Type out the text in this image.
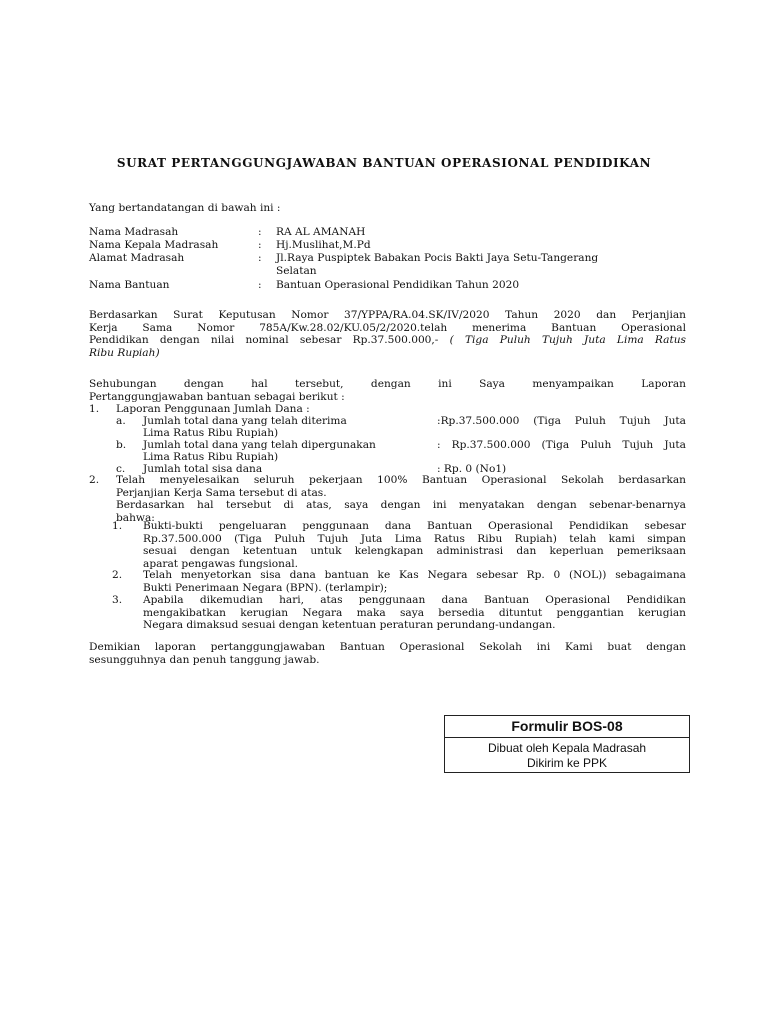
SURAT PERTANGGUNGJAWABAN BANTUAN OPERASIONAL PENDIDIKAN
Yang bertandatangan di bawah ini :
Nama Madrasah	:	RA AL AMANAH
Nama Kepala Madrasah	:	Hj.Muslihat,M.Pd
Alamat Madrasah	:	Jl.Raya Puspiptek Babakan Pocis Bakti Jaya Setu-Tangerang
Selatan
Nama Bantuan	:	Bantuan Operasional Pendidikan Tahun 2020
Berdasarkan Surat Keputusan Nomor 37/YPPA/RA.04.SK/IV/2020 Tahun 2020 dan Perjanjian
Kerja Sama Nomor 785A/Kw.28.02/KU.05/2/2020.telah menerima Bantuan Operasional
Pendidikan dengan nilai nominal sebesar Rp.37.500.000,- ( Tiga Puluh Tujuh Juta Lima Ratus
Ribu Rupiah)
Sehubungan dengan hal tersebut, dengan ini Saya menyampaikan Laporan
Pertanggungjawaban bantuan sebagai berikut :
1. Laporan Penggunaan Jumlah Dana :
a. Jumlah total dana yang telah diterima	:Rp.37.500.000 (Tiga Puluh Tujuh Juta
Lima Ratus Ribu Rupiah)
b. Jumlah total dana yang telah dipergunakan	: Rp.37.500.000 (Tiga Puluh Tujuh Juta
Lima Ratus Ribu Rupiah)
c. Jumlah total sisa dana	: Rp. 0 (No1)
2. Telah menyelesaikan seluruh pekerjaan 100% Bantuan Operasional Sekolah berdasarkan
Perjanjian Kerja Sama tersebut di atas.
Berdasarkan hal tersebut di atas, saya dengan ini menyatakan dengan sebenar-benarnya
bahwa:
1. Bukti-bukti pengeluaran penggunaan dana Bantuan Operasional Pendidikan sebesar
Rp.37.500.000 (Tiga Puluh Tujuh Juta Lima Ratus Ribu Rupiah) telah kami simpan
sesuai dengan ketentuan untuk kelengkapan administrasi dan keperluan pemeriksaan
aparat pengawas fungsional.
2. Telah menyetorkan sisa dana bantuan ke Kas Negara sebesar Rp. 0 (NOL)) sebagaimana
Bukti Penerimaan Negara (BPN). (terlampir);
3. Apabila dikemudian hari, atas penggunaan dana Bantuan Operasional Pendidikan
mengakibatkan kerugian Negara maka saya bersedia dituntut penggantian kerugian
Negara dimaksud sesuai dengan ketentuan peraturan perundang-undangan.
Demikian laporan pertanggungjawaban Bantuan Operasional Sekolah ini Kami buat dengan
sesungguhnya dan penuh tanggung jawab.
Formulir BOS-08
Dibuat oleh Kepala Madrasah
Dikirim ke PPK
